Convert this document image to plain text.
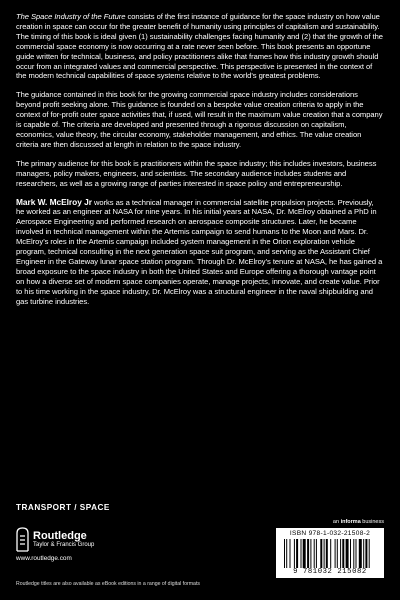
The Space Industry of the Future consists of the first instance of guidance for the space industry on how value creation in space can occur for the greater benefit of humanity using principles of capitalism and sustainability. The timing of this book is ideal given (1) sustainability challenges facing humanity and (2) that the growth of the commercial space economy is now occurring at a rate never seen before. This book presents an opportune guide written for technical, business, and policy practitioners alike that frames how this industry growth should occur from an integrated values and commercial perspective. This perspective is presented in the context of the modern technical capabilities of space systems relative to the world’s greatest problems.

The guidance contained in this book for the growing commercial space industry includes considerations beyond profit seeking alone. This guidance is founded on a bespoke value creation criteria to apply in the context of for-profit outer space activities that, if used, will result in the maximum value creation that a company is capable of. The criteria are developed and presented through a rigorous discussion on capitalism, economics, value theory, the circular economy, stakeholder management, and ethics. The value creation criteria are then discussed at length in relation to the space industry.

The primary audience for this book is practitioners within the space industry; this includes investors, business managers, policy makers, engineers, and scientists. The secondary audience includes students and researchers, as well as a growing range of parties interested in space policy and entrepreneurship.

Mark W. McElroy Jr works as a technical manager in commercial satellite propulsion projects. Previously, he worked as an engineer at NASA for nine years. In his initial years at NASA, Dr. McElroy obtained a PhD in Aerospace Engineering and performed research on aerospace composite structures. Later, he became involved in technical management within the Artemis campaign to send humans to the Moon and Mars. Dr. McElroy’s roles in the Artemis campaign included system management in the Orion exploration vehicle program, technical consulting in the next generation space suit program, and serving as the Assistant Chief Engineer in the Gateway lunar space station program. Through Dr. McElroy’s tenure at NASA, he has gained a broad exposure to the space industry in both the United States and Europe offering a thorough vantage point on how a diverse set of modern space companies operate, manage projects, innovate, and create value. Prior to his time working in the space industry, Dr. McElroy was a structural engineer in the naval shipbuilding and gas turbine industries.

TRANSPORT / SPACE
an informa business
Routledge
Taylor & Francis Group
www.routledge.com
Routledge titles are also available as eBook editions in a range of digital formats
ISBN 978-1-032-21508-2
9 781032 215082
